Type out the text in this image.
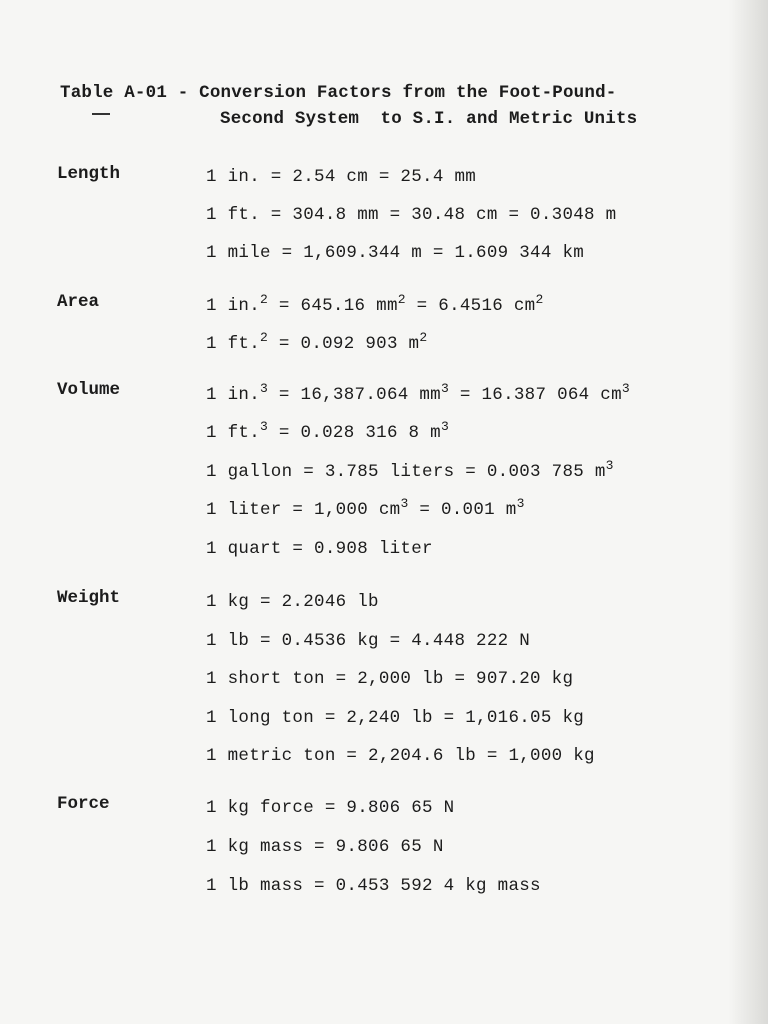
Table A-01 - Conversion Factors from the Foot-Pound-
Second System  to S.I. and Metric Units
Length	1 in. = 2.54 cm = 25.4 mm
1 ft. = 304.8 mm = 30.48 cm = 0.3048 m
1 mile = 1,609.344 m = 1.609 344 km
Area	1 in.$^2$ = 645.16 $mm^2 = 6.4516$ $cm^2$
1 ft.$^2$ = 0.092 903 $m^2$
Volume	1 in.$^3$ = 16,387.064 $mm^3 = 16.387$ 064 $cm^3$
1 ft.$^3$ = 0.028 316 8 $m^3$
1 gallon = 3.785 liters = 0.003 785 $m^3$
1 liter = 1,000 $cm^3 = 0.001$ $m^3$
1 quart = 0.908 liter
Weight	1 kg = 2.2046 lb
1 lb = 0.4536 kg = 4.448 222 N
1 short ton = 2,000 lb = 907.20 kg
1 long ton = 2,240 lb = 1,016.05 kg
1 metric ton = 2,204.6 lb = 1,000 kg
Force	1 kg force = 9.806 65 N
1 kg mass = 9.806 65 N
1 lb mass = 0.453 592 4 kg mass
